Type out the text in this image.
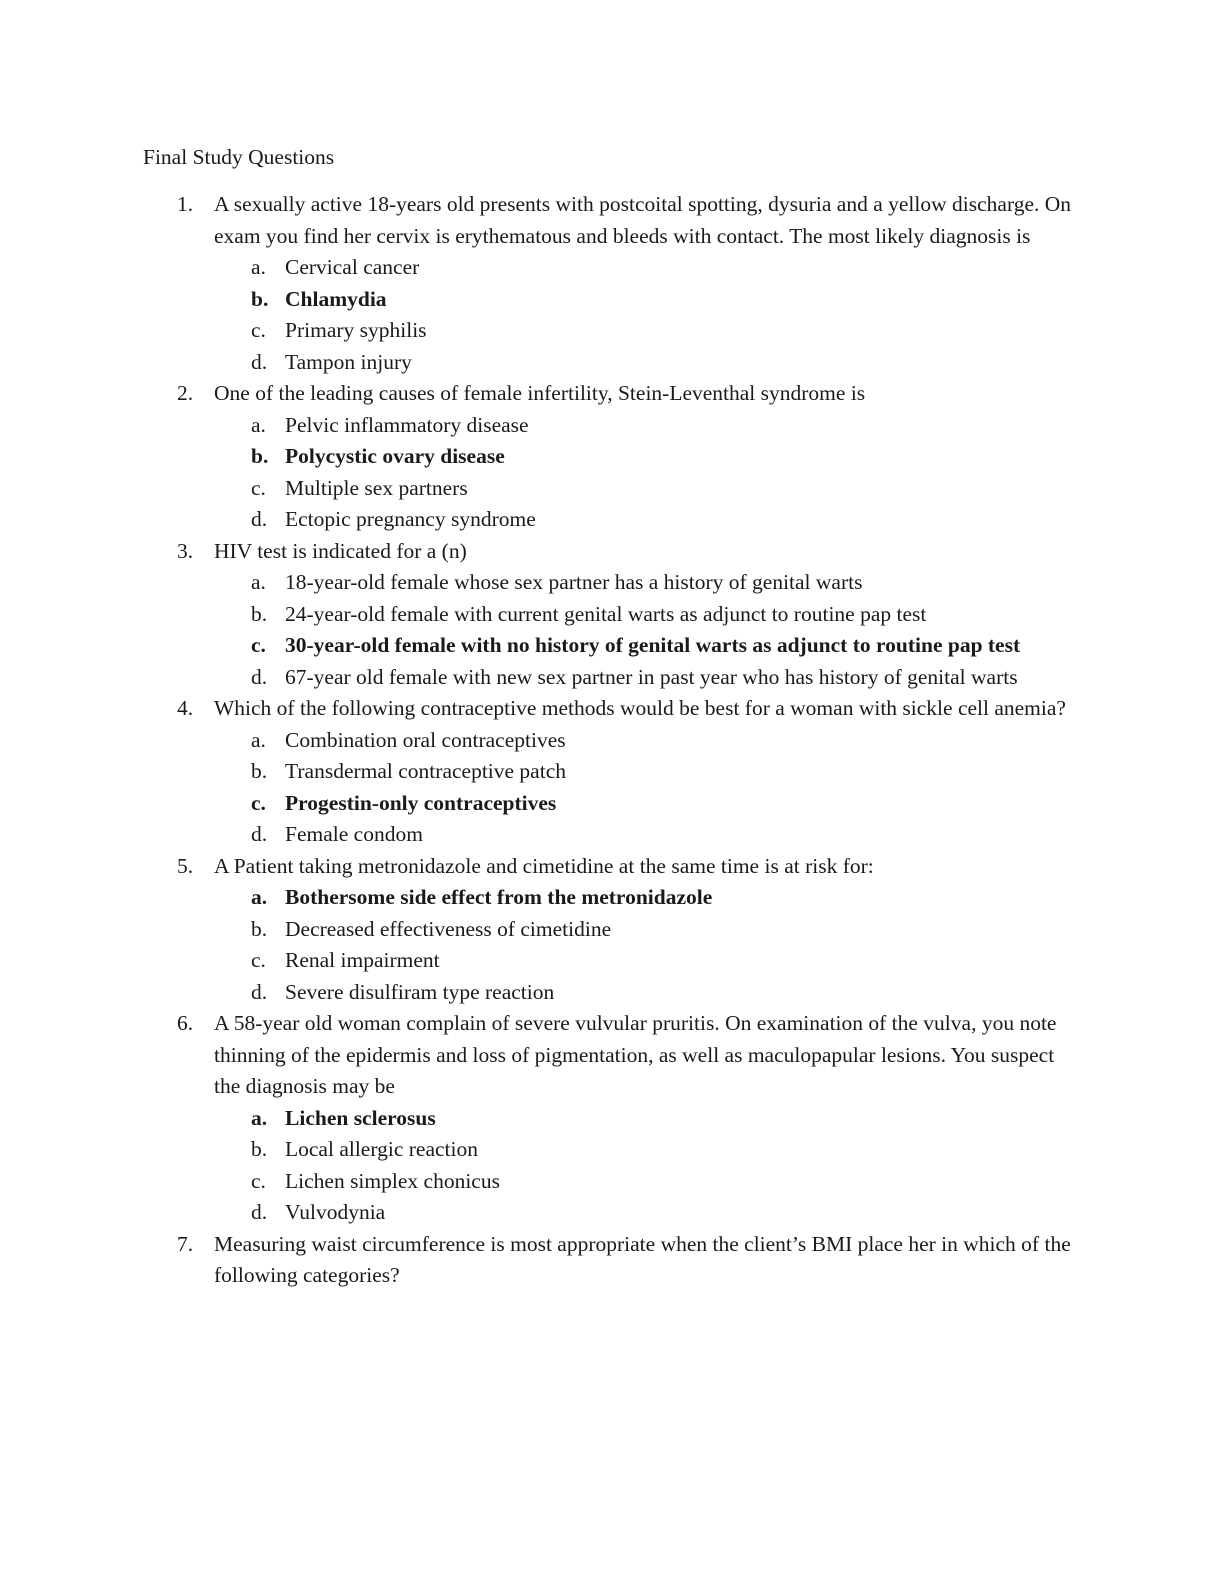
Final Study Questions
1. A sexually active 18-years old presents with postcoital spotting, dysuria and a yellow discharge. On exam you find her cervix is erythematous and bleeds with contact. The most likely diagnosis is
a. Cervical cancer
b. Chlamydia
c. Primary syphilis
d. Tampon injury
2. One of the leading causes of female infertility, Stein-Leventhal syndrome is
a. Pelvic inflammatory disease
b. Polycystic ovary disease
c. Multiple sex partners
d. Ectopic pregnancy syndrome
3. HIV test is indicated for a (n)
a. 18-year-old female whose sex partner has a history of genital warts
b. 24-year-old female with current genital warts as adjunct to routine pap test
c. 30-year-old female with no history of genital warts as adjunct to routine pap test
d. 67-year old female with new sex partner in past year who has history of genital warts
4. Which of the following contraceptive methods would be best for a woman with sickle cell anemia?
a. Combination oral contraceptives
b. Transdermal contraceptive patch
c. Progestin-only contraceptives
d. Female condom
5. A Patient taking metronidazole and cimetidine at the same time is at risk for:
a. Bothersome side effect from the metronidazole
b. Decreased effectiveness of cimetidine
c. Renal impairment
d. Severe disulfiram type reaction
6. A 58-year old woman complain of severe vulvular pruritis. On examination of the vulva, you note thinning of the epidermis and loss of pigmentation, as well as maculopapular lesions. You suspect the diagnosis may be
a. Lichen sclerosus
b. Local allergic reaction
c. Lichen simplex chonicus
d. Vulvodynia
7. Measuring waist circumference is most appropriate when the client’s BMI place her in which of the following categories?
